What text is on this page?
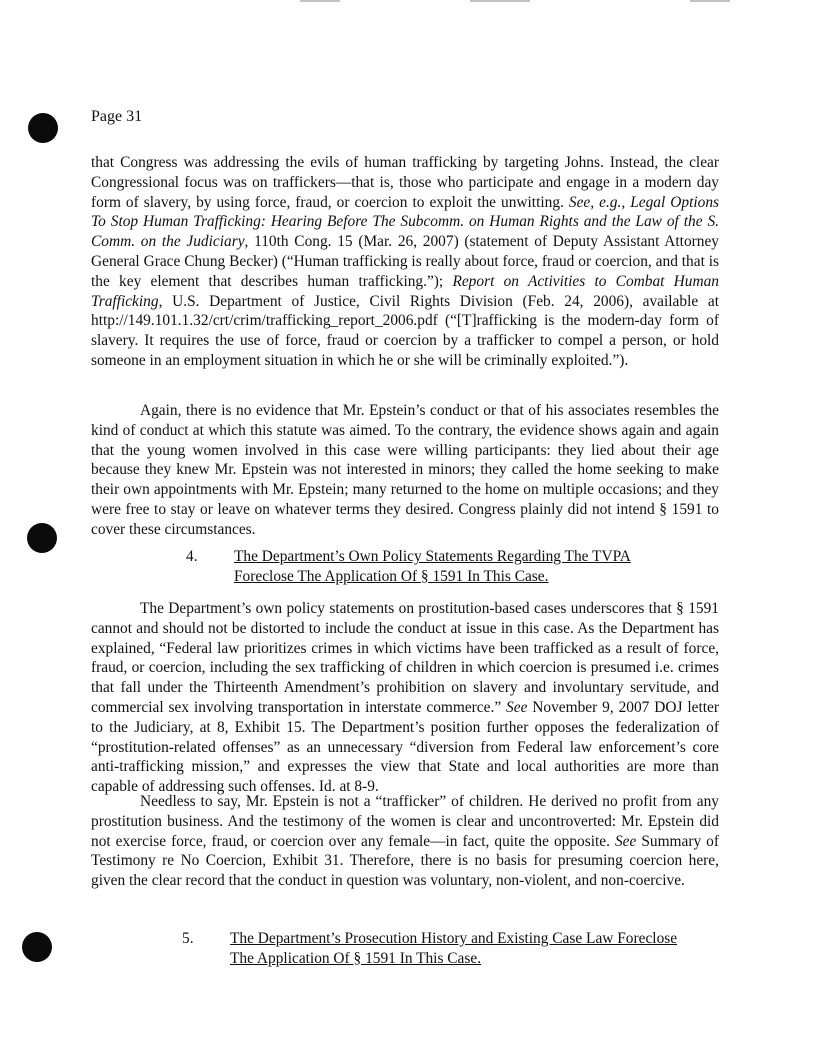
Page 31

that Congress was addressing the evils of human trafficking by targeting Johns. Instead, the clear Congressional focus was on traffickers—that is, those who participate and engage in a modern day form of slavery, by using force, fraud, or coercion to exploit the unwitting. See, e.g., Legal Options To Stop Human Trafficking: Hearing Before The Subcomm. on Human Rights and the Law of the S. Comm. on the Judiciary, 110th Cong. 15 (Mar. 26, 2007) (statement of Deputy Assistant Attorney General Grace Chung Becker) (“Human trafficking is really about force, fraud or coercion, and that is the key element that describes human trafficking.”); Report on Activities to Combat Human Trafficking, U.S. Department of Justice, Civil Rights Division (Feb. 24, 2006), available at http://149.101.1.32/crt/crim/trafficking_report_2006.pdf (“[T]rafficking is the modern-day form of slavery. It requires the use of force, fraud or coercion by a trafficker to compel a person, or hold someone in an employment situation in which he or she will be criminally exploited.”).

Again, there is no evidence that Mr. Epstein’s conduct or that of his associates resembles the kind of conduct at which this statute was aimed. To the contrary, the evidence shows again and again that the young women involved in this case were willing participants: they lied about their age because they knew Mr. Epstein was not interested in minors; they called the home seeking to make their own appointments with Mr. Epstein; many returned to the home on multiple occasions; and they were free to stay or leave on whatever terms they desired. Congress plainly did not intend § 1591 to cover these circumstances.

4. The Department’s Own Policy Statements Regarding The TVPA
Foreclose The Application Of § 1591 In This Case.

The Department’s own policy statements on prostitution-based cases underscores that § 1591 cannot and should not be distorted to include the conduct at issue in this case. As the Department has explained, “Federal law prioritizes crimes in which victims have been trafficked as a result of force, fraud, or coercion, including the sex trafficking of children in which coercion is presumed i.e. crimes that fall under the Thirteenth Amendment’s prohibition on slavery and involuntary servitude, and commercial sex involving transportation in interstate commerce.” See November 9, 2007 DOJ letter to the Judiciary, at 8, Exhibit 15. The Department’s position further opposes the federalization of “prostitution-related offenses” as an unnecessary “diversion from Federal law enforcement’s core anti-trafficking mission,” and expresses the view that State and local authorities are more than capable of addressing such offenses. Id. at 8-9.

Needless to say, Mr. Epstein is not a “trafficker” of children. He derived no profit from any prostitution business. And the testimony of the women is clear and uncontroverted: Mr. Epstein did not exercise force, fraud, or coercion over any female—in fact, quite the opposite. See Summary of Testimony re No Coercion, Exhibit 31. Therefore, there is no basis for presuming coercion here, given the clear record that the conduct in question was voluntary, non-violent, and non-coercive.

5. The Department’s Prosecution History and Existing Case Law Foreclose
The Application Of § 1591 In This Case.
